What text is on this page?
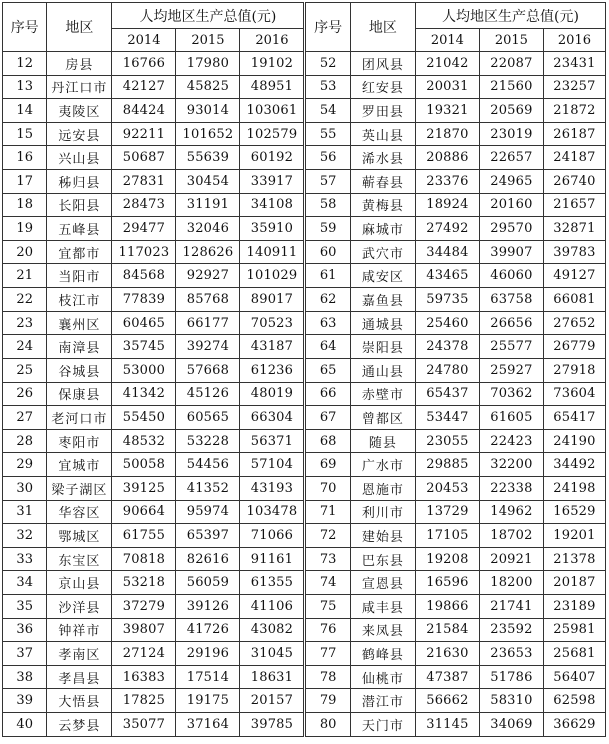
序号	地区	人均地区生产总值(元)			序号	地区	人均地区生产总值(元)		
		2014	2015	2016			2014	2015	2016
12	房县	16766	17980	19102	52	团风县	21042	22087	23431
13	丹江口市	42127	45825	48951	53	红安县	20031	21560	23257
14	夷陵区	84424	93014	103061	54	罗田县	19321	20569	21872
15	远安县	92211	101652	102579	55	英山县	21870	23019	26187
16	兴山县	50687	55639	60192	56	浠水县	20886	22657	24187
17	秭归县	27831	30454	33917	57	蕲春县	23376	24965	26740
18	长阳县	28473	31191	34108	58	黄梅县	18924	20160	21657
19	五峰县	29477	32046	35910	59	麻城市	27492	29570	32871
20	宜都市	117023	128626	140911	60	武穴市	34484	39907	39783
21	当阳市	84568	92927	101029	61	咸安区	43465	46060	49127
22	枝江市	77839	85768	89017	62	嘉鱼县	59735	63758	66081
23	襄州区	60465	66177	70523	63	通城县	25460	26656	27652
24	南漳县	35745	39274	43187	64	崇阳县	24378	25577	26779
25	谷城县	53000	57668	61236	65	通山县	24780	25927	27918
26	保康县	41342	45126	48019	66	赤壁市	65437	70362	73604
27	老河口市	55450	60565	66304	67	曾都区	53447	61605	65417
28	枣阳市	48532	53228	56371	68	随县	23055	22423	24190
29	宜城市	50058	54456	57104	69	广水市	29885	32200	34492
30	梁子湖区	39125	41352	43193	70	恩施市	20453	22338	24198
31	华容区	90664	95974	103478	71	利川市	13729	14962	16529
32	鄂城区	61755	65397	71066	72	建始县	17105	18702	19201
33	东宝区	70818	82616	91161	73	巴东县	19208	20921	21378
34	京山县	53218	56059	61355	74	宣恩县	16596	18200	20187
35	沙洋县	37279	39126	41106	75	咸丰县	19866	21741	23189
36	钟祥市	39807	41726	43082	76	来凤县	21584	23592	25981
37	孝南区	27124	29196	31045	77	鹤峰县	21630	23653	25681
38	孝昌县	16383	17514	18631	78	仙桃市	47387	51786	56407
39	大悟县	17825	19175	20157	79	潜江市	56662	58310	62598
40	云梦县	35077	37164	39785	80	天门市	31145	34069	36629
